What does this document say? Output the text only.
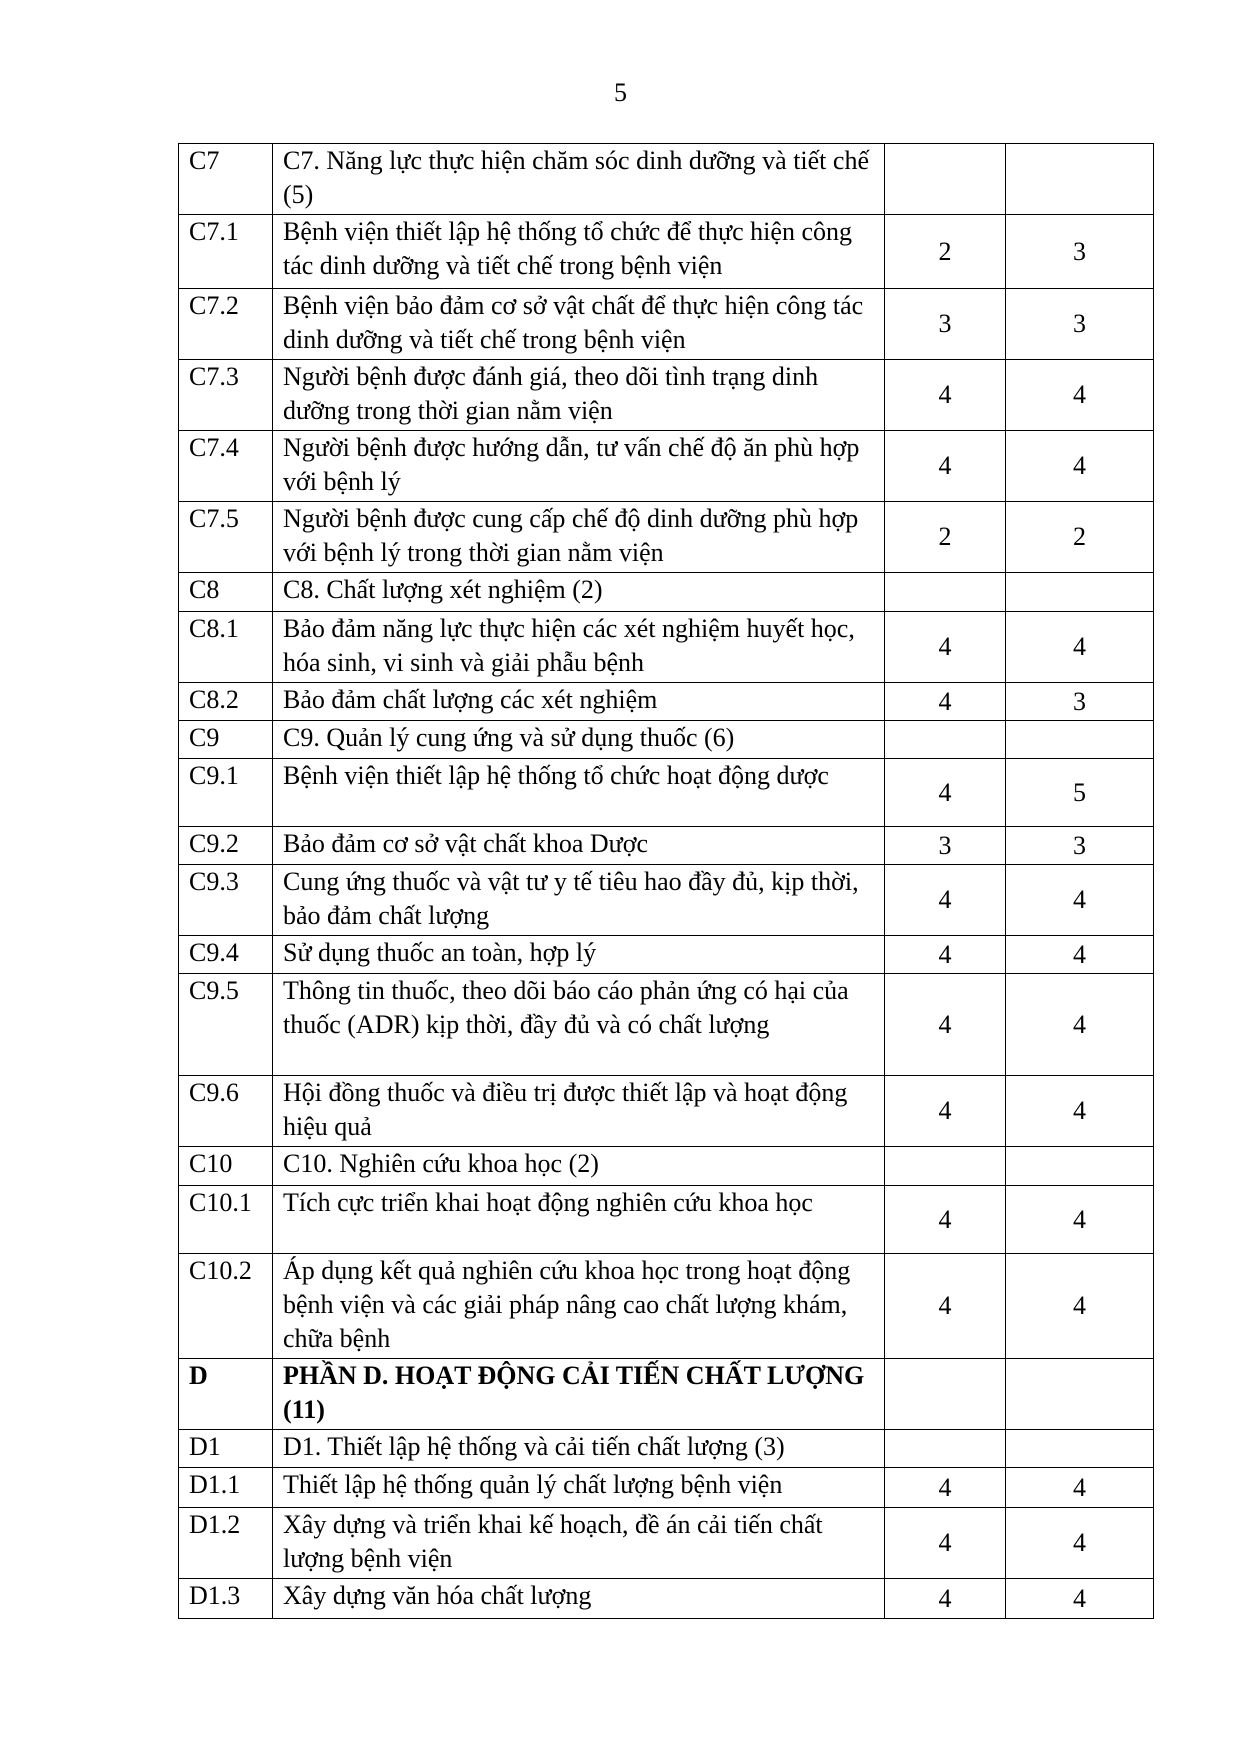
5
C7	C7. Năng lực thực hiện chăm sóc dinh dưỡng và tiết chế (5)		
C7.1	Bệnh viện thiết lập hệ thống tổ chức để thực hiện công tác dinh dưỡng và tiết chế trong bệnh viện	2	3
C7.2	Bệnh viện bảo đảm cơ sở vật chất để thực hiện công tác dinh dưỡng và tiết chế trong bệnh viện	3	3
C7.3	Người bệnh được đánh giá, theo dõi tình trạng dinh dưỡng trong thời gian nằm viện	4	4
C7.4	Người bệnh được hướng dẫn, tư vấn chế độ ăn phù hợp với bệnh lý	4	4
C7.5	Người bệnh được cung cấp chế độ dinh dưỡng phù hợp với bệnh lý trong thời gian nằm viện	2	2
C8	C8. Chất lượng xét nghiệm (2)		
C8.1	Bảo đảm năng lực thực hiện các xét nghiệm huyết học, hóa sinh, vi sinh và giải phẫu bệnh	4	4
C8.2	Bảo đảm chất lượng các xét nghiệm	4	3
C9	C9. Quản lý cung ứng và sử dụng thuốc (6)		
C9.1	Bệnh viện thiết lập hệ thống tổ chức hoạt động dược	4	5
C9.2	Bảo đảm cơ sở vật chất khoa Dược	3	3
C9.3	Cung ứng thuốc và vật tư y tế tiêu hao đầy đủ, kịp thời, bảo đảm chất lượng	4	4
C9.4	Sử dụng thuốc an toàn, hợp lý	4	4
C9.5	Thông tin thuốc, theo dõi báo cáo phản ứng có hại của thuốc (ADR) kịp thời, đầy đủ và có chất lượng	4	4
C9.6	Hội đồng thuốc và điều trị được thiết lập và hoạt động hiệu quả	4	4
C10	C10. Nghiên cứu khoa học (2)		
C10.1	Tích cực triển khai hoạt động nghiên cứu khoa học	4	4
C10.2	Áp dụng kết quả nghiên cứu khoa học trong hoạt động bệnh viện và các giải pháp nâng cao chất lượng khám, chữa bệnh	4	4
D	PHẦN D. HOẠT ĐỘNG CẢI TIẾN CHẤT LƯỢNG (11)		
D1	D1. Thiết lập hệ thống và cải tiến chất lượng (3)		
D1.1	Thiết lập hệ thống quản lý chất lượng bệnh viện	4	4
D1.2	Xây dựng và triển khai kế hoạch, đề án cải tiến chất lượng bệnh viện	4	4
D1.3	Xây dựng văn hóa chất lượng	4	4
